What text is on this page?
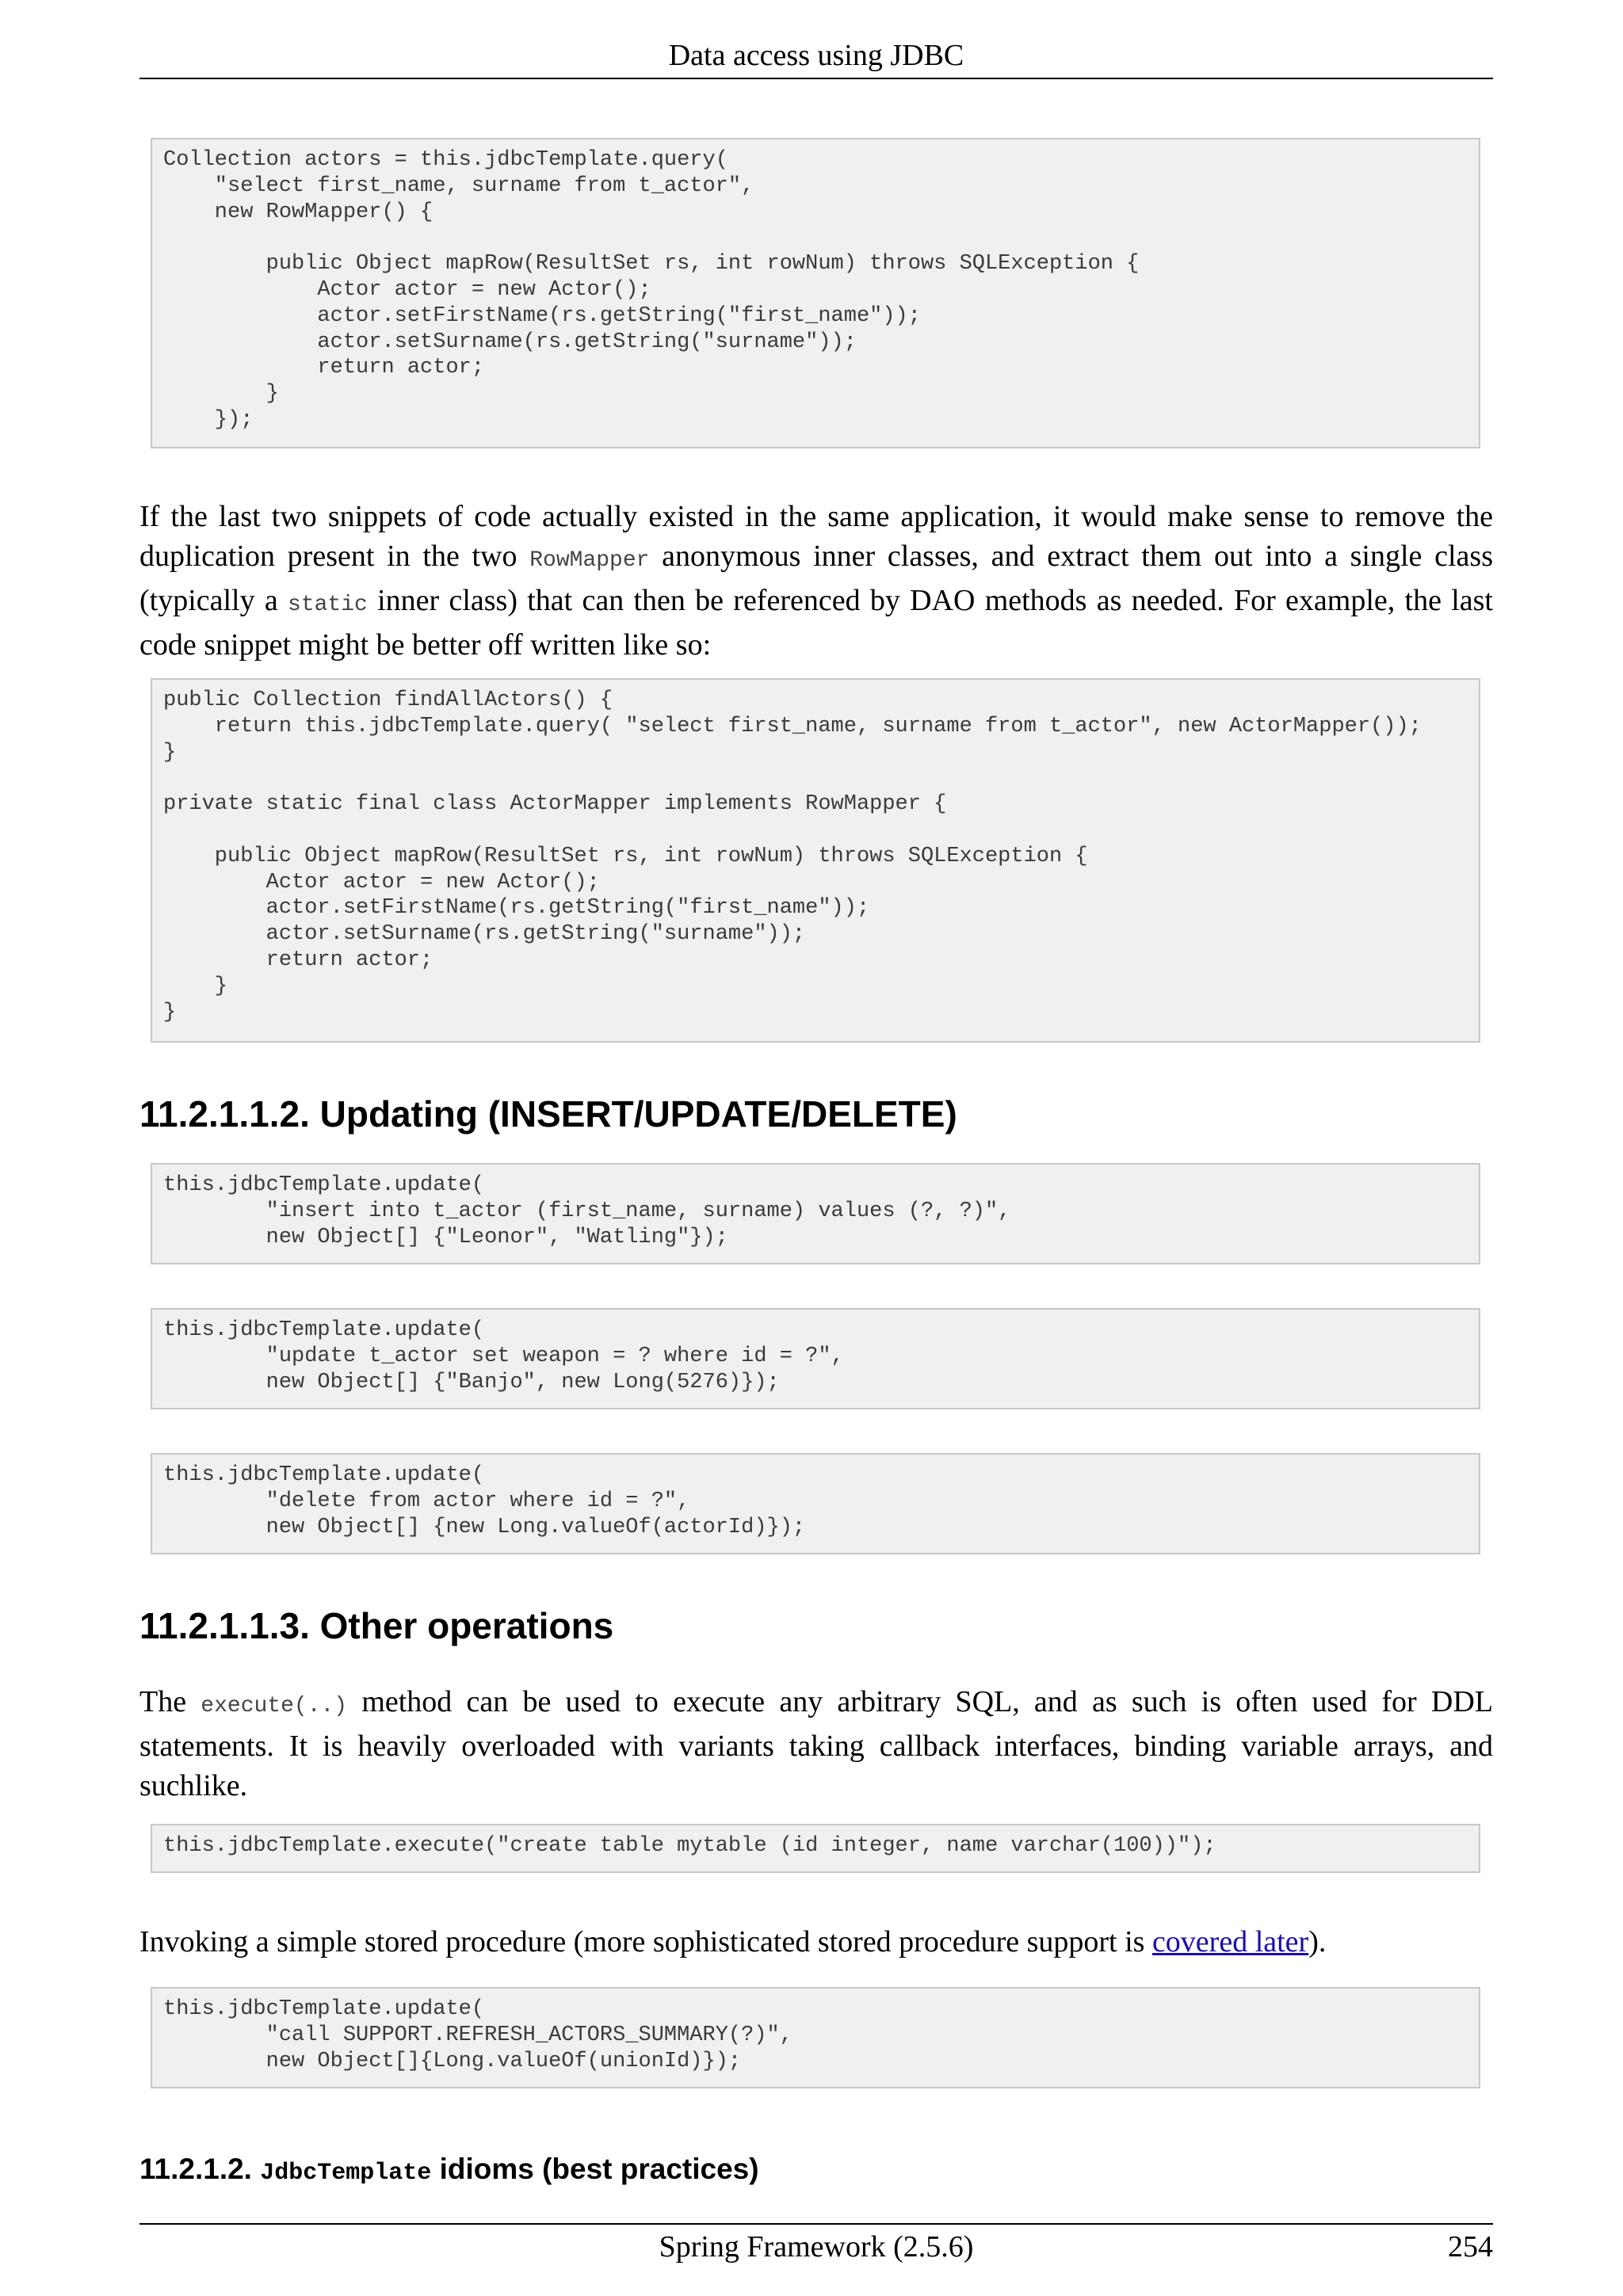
Data access using JDBC
Collection actors = this.jdbcTemplate.query(
"select first_name, surname from t_actor",
new RowMapper() {

public Object mapRow(ResultSet rs, int rowNum) throws SQLException {
Actor actor = new Actor();
actor.setFirstName(rs.getString("first_name"));
actor.setSurname(rs.getString("surname"));
return actor;
}
});

If the last two snippets of code actually existed in the same application, it would make sense to remove the duplication present in the two RowMapper anonymous inner classes, and extract them out into a single class (typically a static inner class) that can then be referenced by DAO methods as needed. For example, the last code snippet might be better off written like so:

public Collection findAllActors() {
return this.jdbcTemplate.query( "select first_name, surname from t_actor", new ActorMapper());
}

private static final class ActorMapper implements RowMapper {

public Object mapRow(ResultSet rs, int rowNum) throws SQLException {
Actor actor = new Actor();
actor.setFirstName(rs.getString("first_name"));
actor.setSurname(rs.getString("surname"));
return actor;
}
}
11.2.1.1.2. Updating (INSERT/UPDATE/DELETE)
this.jdbcTemplate.update(
"insert into t_actor (first_name, surname) values (?, ?)",
new Object[] {"Leonor", "Watling"});
this.jdbcTemplate.update(
"update t_actor set weapon = ? where id = ?",
new Object[] {"Banjo", new Long(5276)});
this.jdbcTemplate.update(
"delete from actor where id = ?",
new Object[] {new Long.valueOf(actorId)});
11.2.1.1.3. Other operations

The execute(..) method can be used to execute any arbitrary SQL, and as such is often used for DDL statements. It is heavily overloaded with variants taking callback interfaces, binding variable arrays, and suchlike.

this.jdbcTemplate.execute("create table mytable (id integer, name varchar(100))");

Invoking a simple stored procedure (more sophisticated stored procedure support is covered later).

this.jdbcTemplate.update(
"call SUPPORT.REFRESH_ACTORS_SUMMARY(?)",
new Object[]{Long.valueOf(unionId)});
11.2.1.2. JdbcTemplate idioms (best practices)
Spring Framework (2.5.6)	254
